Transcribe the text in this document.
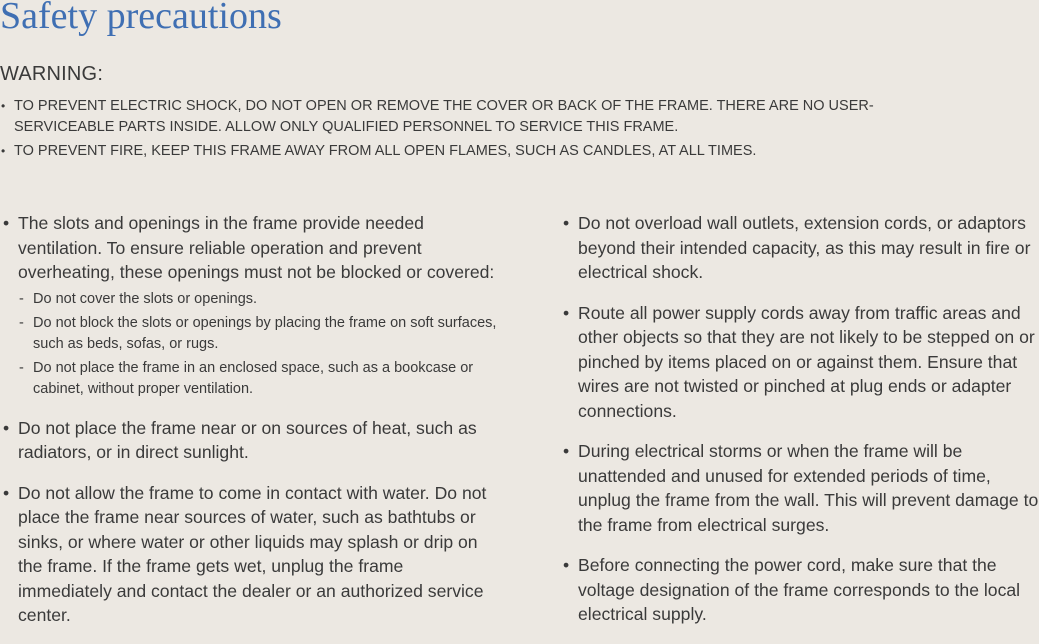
Safety precautions
WARNING:
• TO PREVENT ELECTRIC SHOCK, DO NOT OPEN OR REMOVE THE COVER OR BACK OF THE FRAME. THERE ARE NO USER-SERVICEABLE PARTS INSIDE. ALLOW ONLY QUALIFIED PERSONNEL TO SERVICE THIS FRAME.
• TO PREVENT FIRE, KEEP THIS FRAME AWAY FROM ALL OPEN FLAMES, SUCH AS CANDLES, AT ALL TIMES.
• The slots and openings in the frame provide needed ventilation. To ensure reliable operation and prevent overheating, these openings must not be blocked or covered:
- Do not cover the slots or openings.
- Do not block the slots or openings by placing the frame on soft surfaces, such as beds, sofas, or rugs.
- Do not place the frame in an enclosed space, such as a bookcase or cabinet, without proper ventilation.
• Do not place the frame near or on sources of heat, such as radiators, or in direct sunlight.
• Do not allow the frame to come in contact with water. Do not place the frame near sources of water, such as bathtubs or sinks, or where water or other liquids may splash or drip on the frame. If the frame gets wet, unplug the frame immediately and contact the dealer or an authorized service center.
• Do not overload wall outlets, extension cords, or adaptors beyond their intended capacity, as this may result in fire or electrical shock.
• Route all power supply cords away from traffic areas and other objects so that they are not likely to be stepped on or pinched by items placed on or against them. Ensure that wires are not twisted or pinched at plug ends or adapter connections.
• During electrical storms or when the frame will be unattended and unused for extended periods of time, unplug the frame from the wall. This will prevent damage to the frame from electrical surges.
• Before connecting the power cord, make sure that the voltage designation of the frame corresponds to the local electrical supply.
